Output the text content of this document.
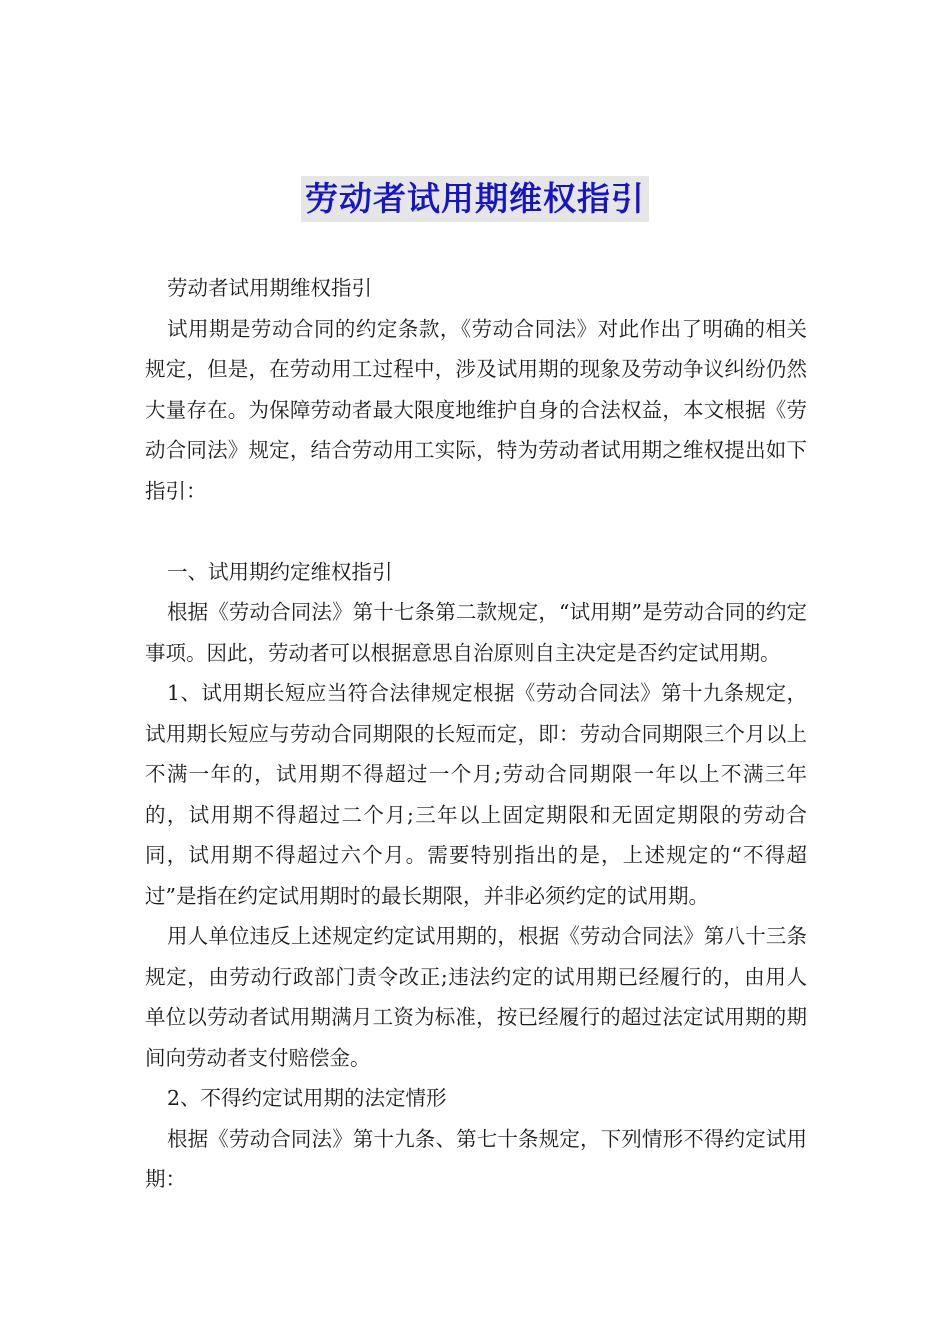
劳动者试用期维权指引

劳动者试用期维权指引

试用期是劳动合同的约定条款，《劳动合同法》对此作出了明确的相关规定，但是，在劳动用工过程中，涉及试用期的现象及劳动争议纠纷仍然大量存在。为保障劳动者最大限度地维护自身的合法权益，本文根据《劳动合同法》规定，结合劳动用工实际，特为劳动者试用期之维权提出如下指引：

一、试用期约定维权指引

根据《劳动合同法》第十七条第二款规定，“试用期”是劳动合同的约定事项。因此，劳动者可以根据意思自治原则自主决定是否约定试用期。

1、试用期长短应当符合法律规定根据《劳动合同法》第十九条规定，试用期长短应与劳动合同期限的长短而定，即：劳动合同期限三个月以上不满一年的，试用期不得超过一个月;劳动合同期限一年以上不满三年的，试用期不得超过二个月;三年以上固定期限和无固定期限的劳动合同，试用期不得超过六个月。需要特别指出的是，上述规定的“不得超过”是指在约定试用期时的最长期限，并非必须约定的试用期。

用人单位违反上述规定约定试用期的，根据《劳动合同法》第八十三条规定，由劳动行政部门责令改正;违法约定的试用期已经履行的，由用人单位以劳动者试用期满月工资为标准，按已经履行的超过法定试用期的期间向劳动者支付赔偿金。

2、不得约定试用期的法定情形

根据《劳动合同法》第十九条、第七十条规定，下列情形不得约定试用期：
